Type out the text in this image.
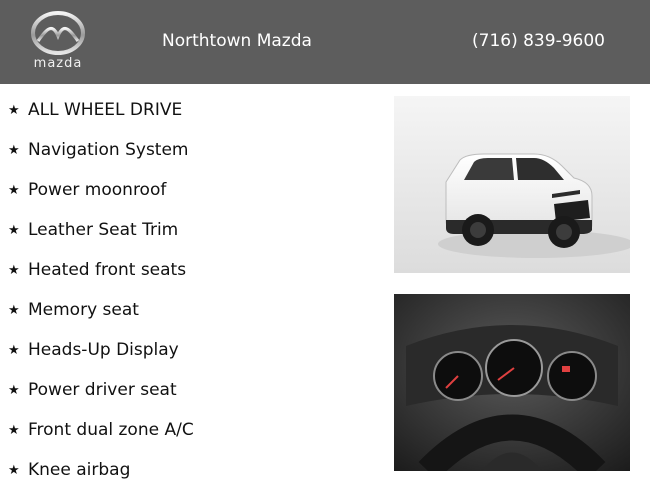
mazda
Northtown Mazda	(716) 839-9600
★ ALL WHEEL DRIVE
★ Navigation System
★ Power moonroof
★ Leather Seat Trim
★ Heated front seats
★ Memory seat
★ Heads-Up Display
★ Power driver seat
★ Front dual zone A/C
★ Knee airbag
